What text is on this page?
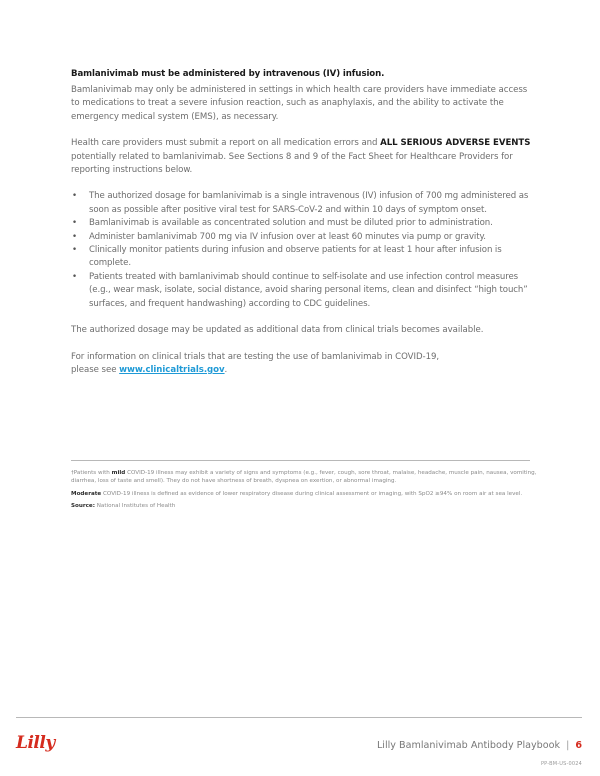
Bamlanivimab must be administered by intravenous (IV) infusion.

Bamlanivimab may only be administered in settings in which health care providers have immediate access to medications to treat a severe infusion reaction, such as anaphylaxis, and the ability to activate the emergency medical system (EMS), as necessary.

Health care providers must submit a report on all medication errors and ALL SERIOUS ADVERSE EVENTS potentially related to bamlanivimab. See Sections 8 and 9 of the Fact Sheet for Healthcare Providers for reporting instructions below.

• The authorized dosage for bamlanivimab is a single intravenous (IV) infusion of 700 mg administered as soon as possible after positive viral test for SARS-CoV-2 and within 10 days of symptom onset.
• Bamlanivimab is available as concentrated solution and must be diluted prior to administration.
• Administer bamlanivimab 700 mg via IV infusion over at least 60 minutes via pump or gravity.
• Clinically monitor patients during infusion and observe patients for at least 1 hour after infusion is complete.
• Patients treated with bamlanivimab should continue to self-isolate and use infection control measures (e.g., wear mask, isolate, social distance, avoid sharing personal items, clean and disinfect “high touch” surfaces, and frequent handwashing) according to CDC guidelines.

The authorized dosage may be updated as additional data from clinical trials becomes available.

For information on clinical trials that are testing the use of bamlanivimab in COVID-19,
please see www.clinicaltrials.gov.

†Patients with mild COVID-19 illness may exhibit a variety of signs and symptoms (e.g., fever, cough, sore throat, malaise, headache, muscle pain, nausea, vomiting, diarrhea, loss of taste and smell). They do not have shortness of breath, dyspnea on exertion, or abnormal imaging.
Moderate COVID-19 illness is defined as evidence of lower respiratory disease during clinical assessment or imaging, with SpO2 ≥94% on room air at sea level.
Source: National Institutes of Health
Lilly	Lilly Bamlanivimab Antibody Playbook | 6
PP-BM-US-0024
